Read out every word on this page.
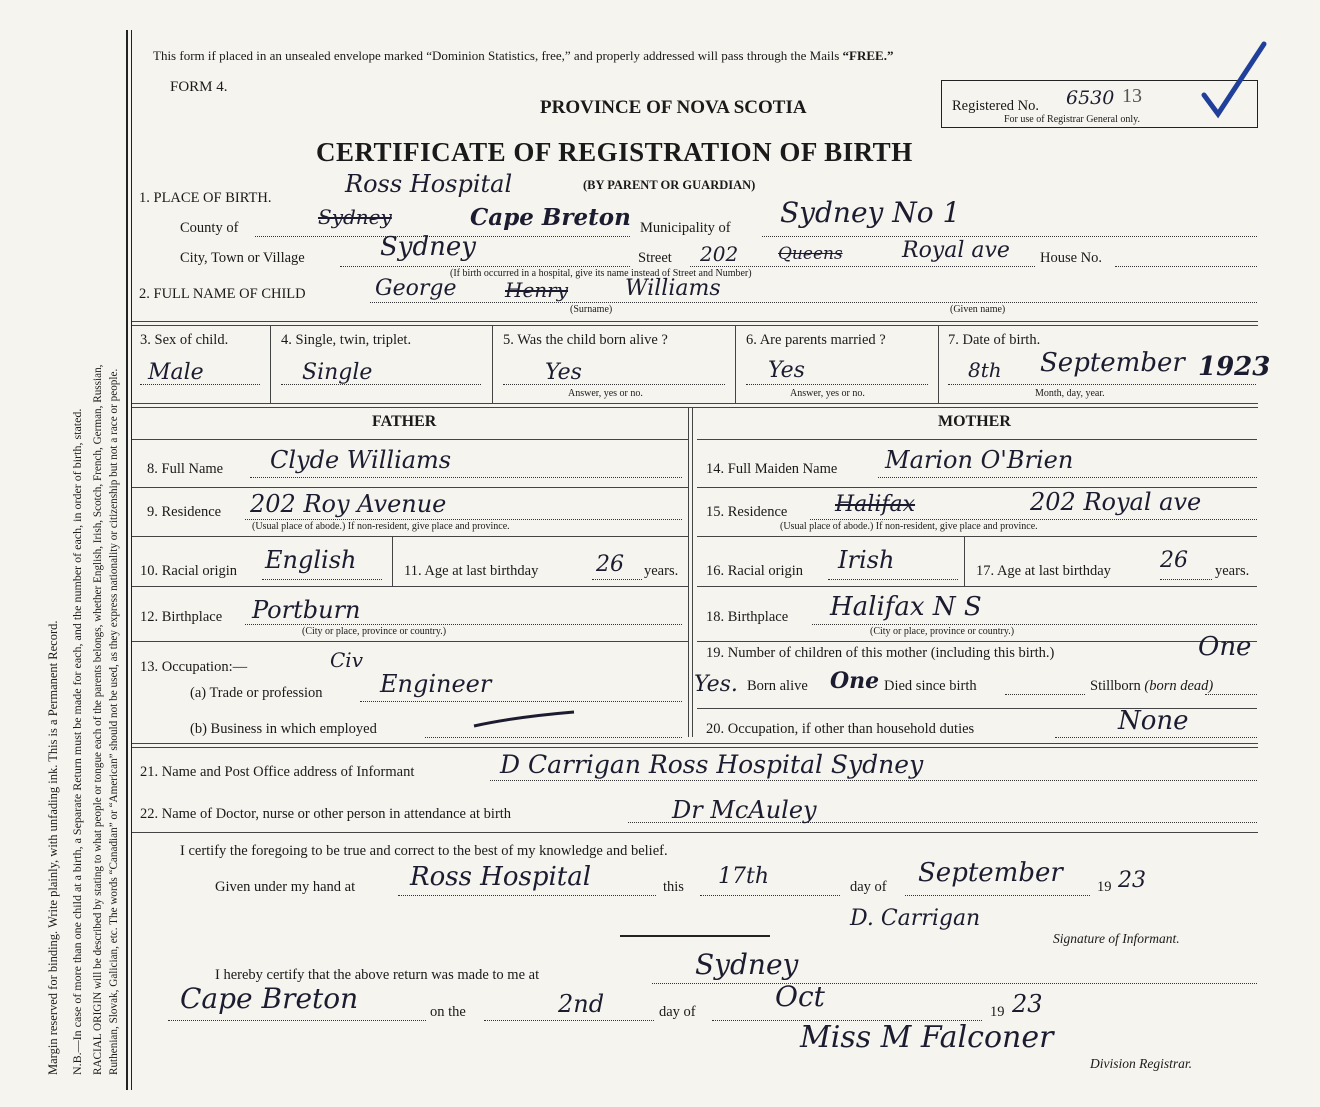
Margin reserved for binding. Write plainly, with unfading ink. This is a Permanent Record. N.B.—In case of more than one child at a birth, a Separate Return must be made for each, and the number of each, in order of birth, stated. RACIAL ORIGIN will be described by stating to what people or tongue each of the parents belongs, whether English, Irish, Scotch, French, German, Russian, Ruthenian, Slovak, Galician, etc. The words “Canadian” or “American” should not be used, as they express nationality or citizenship but not a race or people.
This form if placed in an unsealed envelope marked “Dominion Statistics, free,” and properly addressed will pass through the Mails “FREE.”
FORM 4.
PROVINCE OF NOVA SCOTIA
CERTIFICATE OF REGISTRATION OF BIRTH
(BY PARENT OR GUARDIAN)
Registered No. 6530 13
For use of Registrar General only.
1. PLACE OF BIRTH.	Ross Hospital
County of	Sydney	Cape Breton Municipality of Sydney No 1
City, Town or Village	Sydney	Street 202 Queens	Royal ave House No.
(If birth occurred in a hospital, give its name instead of Street and Number)
2. FULL NAME OF CHILD	George Henry	Williams
(Surname)	(Given name)
3. Sex of child.
Male
4. Single, twin, triplet.
Single
5. Was the child born alive ?
Yes
Answer, yes or no.
6. Are parents married ?
Yes
Answer, yes or no.
7. Date of birth.
8th September 1923
Month, day, year.
FATHER	MOTHER
8. Full Name Clyde Williams	14. Full Maiden Name Marion O'Brien
9. Residence 202 Roy Avenue
(Usual place of abode.) If non-resident, give place and province.
15. Residence Halifax	202 Royal ave
(Usual place of abode.) If non-resident, give place and province.
10. Racial origin English	11. Age at last birthday	26 years. 16. Racial origin Irish	17. Age at last birthday 26 years.
12. Birthplace Portburn
(City or place, province or country.)
18. Birthplace Halifax N S
(City or place, province or country.)
13. Occupation:—	Civ
(a) Trade or profession Engineer
(b) Business in which employed
19. Number of children of this mother (including this birth.)	One
Yes. Born alive One Died since birth	Stillborn (born dead)
20. Occupation, if other than household duties	None
21. Name and Post Office address of Informant	D Carrigan Ross Hospital Sydney
22. Name of Doctor, nurse or other person in attendance at birth	Dr McAuley
I certify the foregoing to be true and correct to the best of my knowledge and belief.
Given under my hand at Ross Hospital	this 17th	day of September 19 23
D. Carrigan
Signature of Informant.
I hereby certify that the above return was made to me at	Sydney
Cape Breton	on the	2nd	day of	Oct	19 23
Miss M Falconer
Division Registrar.
